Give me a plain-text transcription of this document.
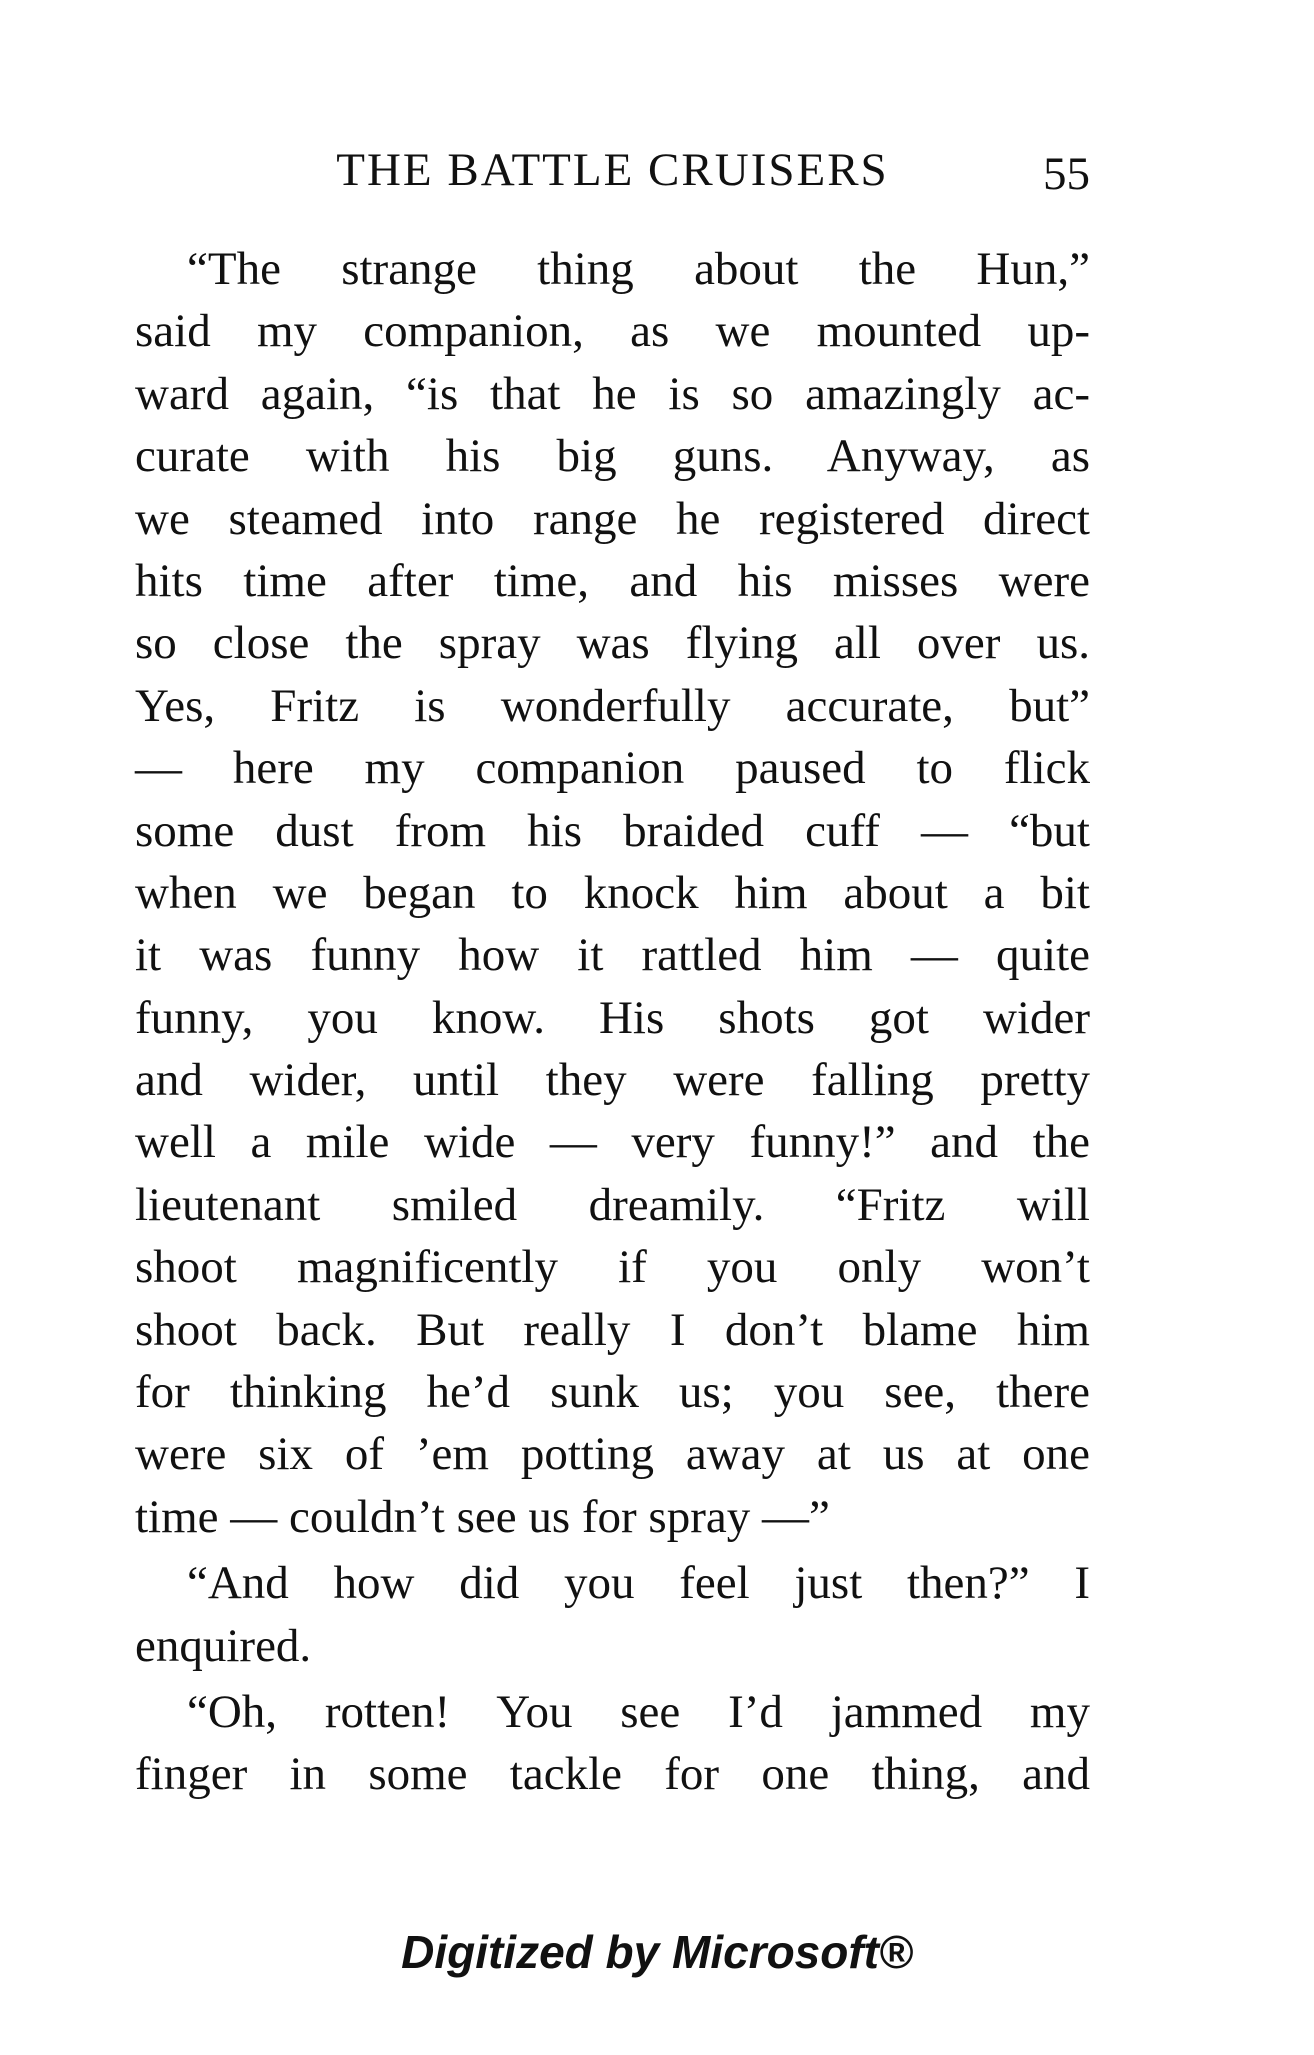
THE BATTLE CRUISERS	55
“The strange thing about the Hun,”
said my companion, as we mounted up-
ward again, “is that he is so amazingly ac-
curate with his big guns. Anyway, as
we steamed into range he registered direct
hits time after time, and his misses were
so close the spray was flying all over us.
Yes, Fritz is wonderfully accurate, but”
— here my companion paused to flick
some dust from his braided cuff — “but
when we began to knock him about a bit
it was funny how it rattled him — quite
funny, you know. His shots got wider
and wider, until they were falling pretty
well a mile wide — very funny!” and the
lieutenant smiled dreamily. “Fritz will
shoot magnificently if you only won’t
shoot back. But really I don’t blame him
for thinking he’d sunk us; you see, there
were six of ’em potting away at us at one
time — couldn’t see us for spray —”
“And how did you feel just then?” I
enquired.
“Oh, rotten! You see I’d jammed my
finger in some tackle for one thing, and
Digitized by Microsoft®
